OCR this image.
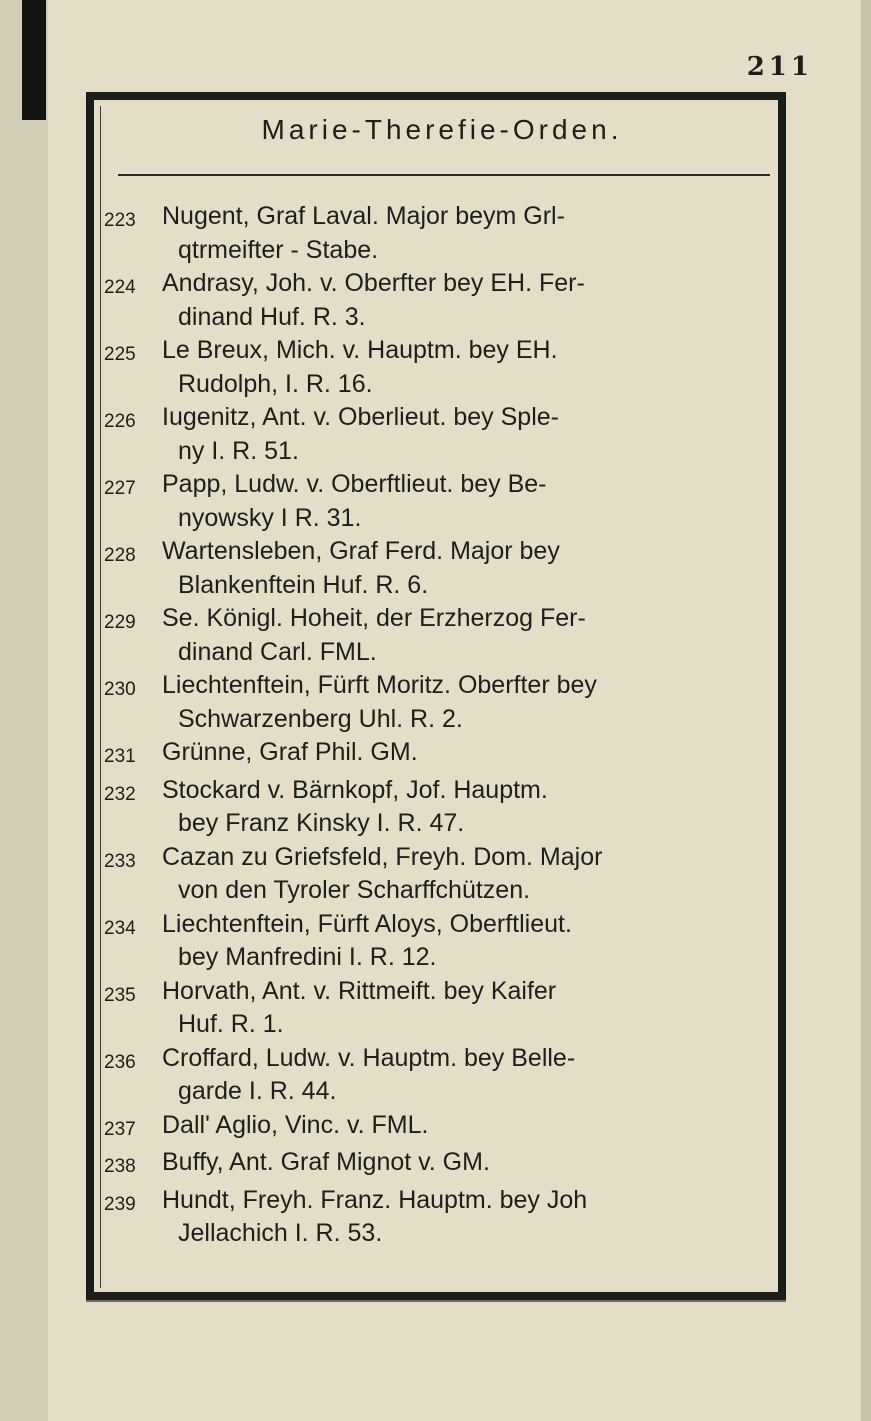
211
Marie-Therefie-Orden.
223	Nugent, Graf Laval. Major beym Grl-
qtrmeifter - Stabe.
224	Andrasy, Joh. v. Oberfter bey EH. Fer-
dinand Huf. R. 3.
225	Le Breux, Mich. v. Hauptm. bey EH.
Rudolph, I. R. 16.
226	Iugenitz, Ant. v. Oberlieut. bey Sple-
ny I. R. 51.
227	Papp, Ludw. v. Oberftlieut. bey Be-
nyowsky I R. 31.
228	Wartensleben, Graf Ferd. Major bey
Blankenftein Huf. R. 6.
229	Se. Königl. Hoheit, der Erzherzog Fer-
dinand Carl. FML.
230	Liechtenftein, Fürft Moritz. Oberfter bey
Schwarzenberg Uhl. R. 2.
231	Grünne, Graf Phil. GM.
232	Stockard v. Bärnkopf, Jof. Hauptm.
bey Franz Kinsky I. R. 47.
233	Cazan zu Griefsfeld, Freyh. Dom. Major
von den Tyroler Scharffchützen.
234	Liechtenftein, Fürft Aloys, Oberftlieut.
bey Manfredini I. R. 12.
235	Horvath, Ant. v. Rittmeift. bey Kaifer
Huf. R. 1.
236	Croffard, Ludw. v. Hauptm. bey Belle-
garde I. R. 44.
237	Dall' Aglio, Vinc. v. FML.
238	Buffy, Ant. Graf Mignot v. GM.
239	Hundt, Freyh. Franz. Hauptm. bey Joh
Jellachich I. R. 53.
